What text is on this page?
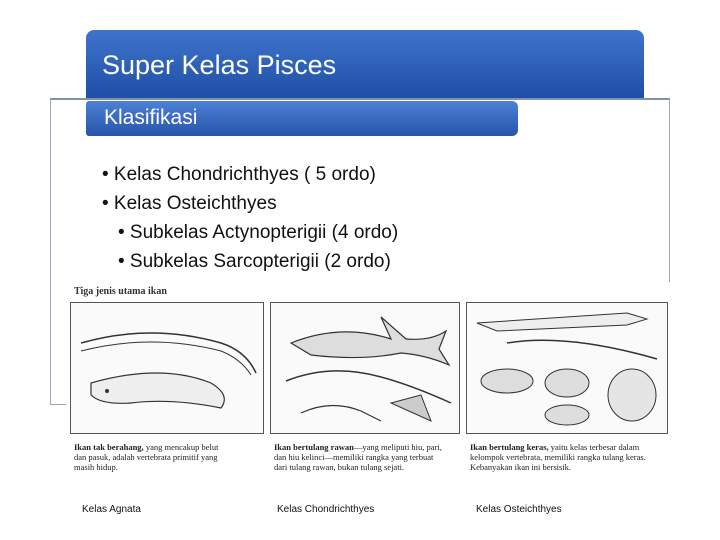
Super Kelas Pisces
Klasifikasi
• Kelas Chondrichthyes ( 5 ordo)
• Kelas Osteichthyes
• Subkelas Actynopterigii (4 ordo)
• Subkelas Sarcopterigii (2 ordo)
Tiga jenis utama ikan
Ikan tak berahang, yang mencakup belut dan pasuk, adalah vertebrata primitif yang masih hidup.
Ikan bertulang rawan—yang meliputi hiu, pari, dan hiu kelinci—memiliki rangka yang terbuat dari tulang rawan, bukan tulang sejati.
Ikan bertulang keras, yaitu kelas terbesar dalam kelompok vertebrata, memiliki rangka tulang keras. Kebanyakan ikan ini bersisik.
Kelas Agnata	Kelas Chondrichthyes	Kelas Osteichthyes
